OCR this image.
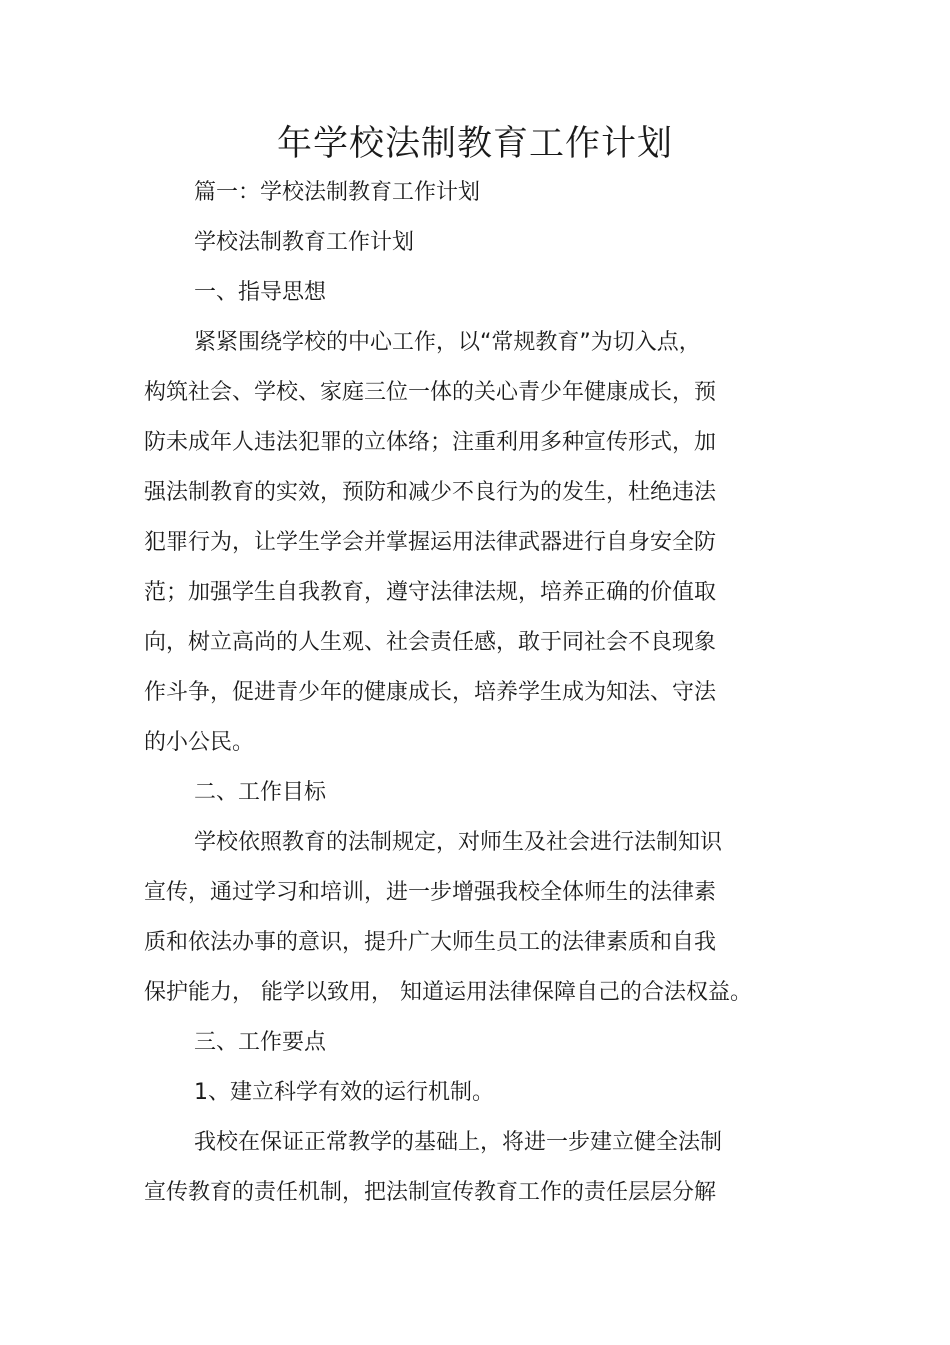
年学校法制教育工作计划

篇一：学校法制教育工作计划

学校法制教育工作计划

一、指导思想

紧紧围绕学校的中心工作，以“常规教育”为切入点，

构筑社会、学校、家庭三位一体的关心青少年健康成长，预

防未成年人违法犯罪的立体络；注重利用多种宣传形式，加

强法制教育的实效，预防和减少不良行为的发生，杜绝违法

犯罪行为，让学生学会并掌握运用法律武器进行自身安全防

范；加强学生自我教育，遵守法律法规，培养正确的价值取

向，树立高尚的人生观、社会责任感，敢于同社会不良现象

作斗争，促进青少年的健康成长，培养学生成为知法、守法

的小公民。

二、工作目标

学校依照教育的法制规定，对师生及社会进行法制知识

宣传，通过学习和培训，进一步增强我校全体师生的法律素

质和依法办事的意识，提升广大师生员工的法律素质和自我

保护能力， 能学以致用， 知道运用法律保障自己的合法权益。

三、工作要点

1、建立科学有效的运行机制。

我校在保证正常教学的基础上，将进一步建立健全法制

宣传教育的责任机制，把法制宣传教育工作的责任层层分解
